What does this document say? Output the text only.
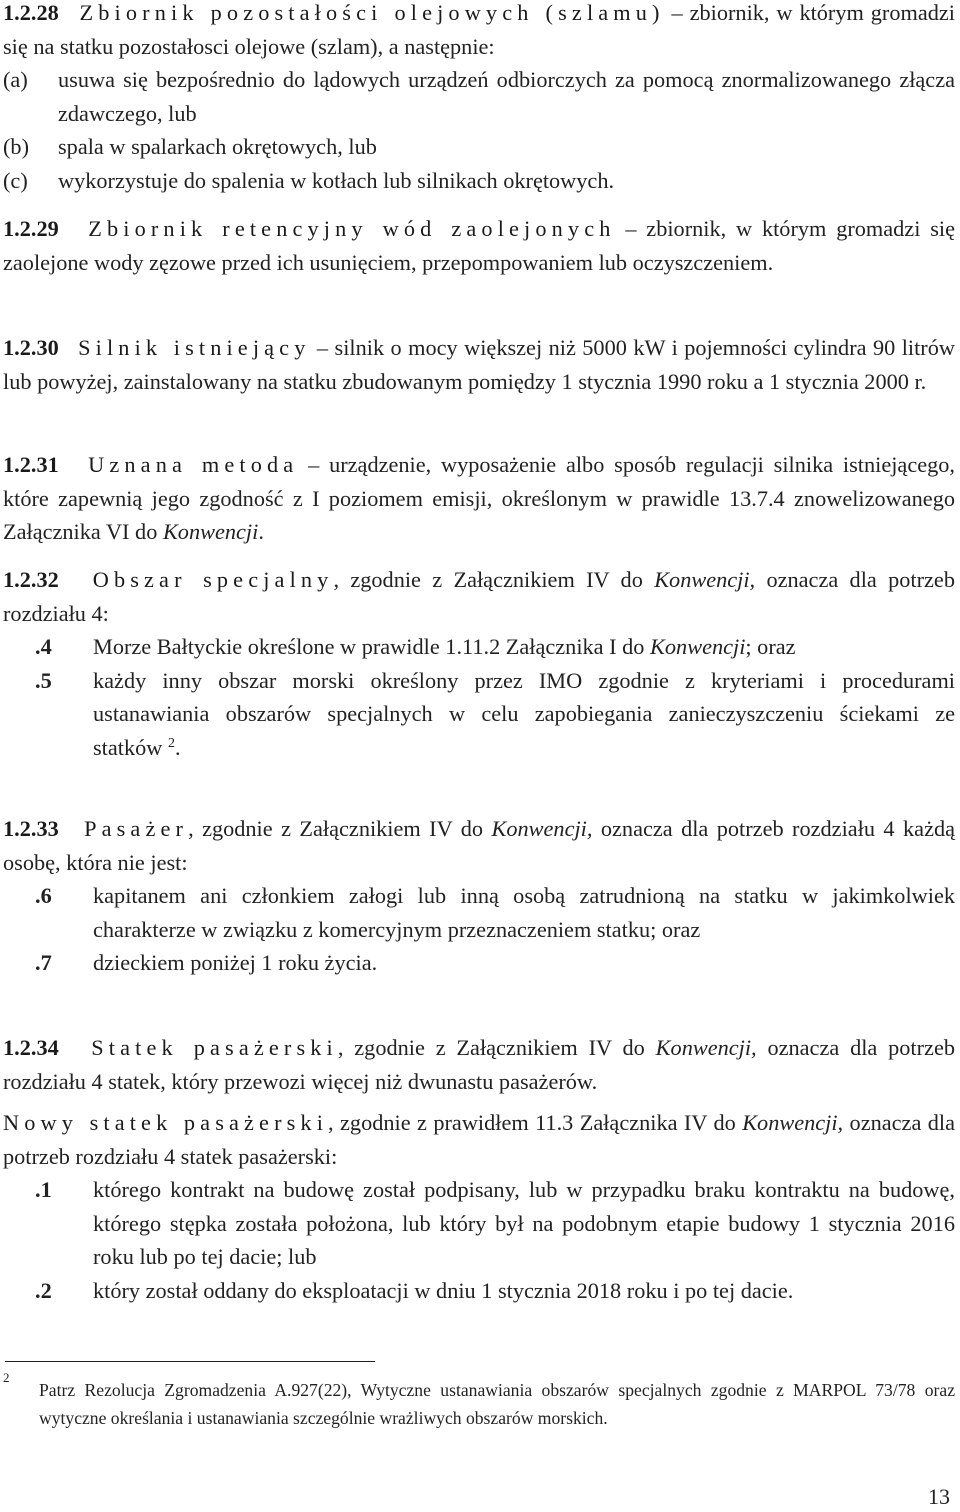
1.2.28 Zbiornik pozostałości olejowych (szlamu) – zbiornik, w którym gromadzi się na statku pozostałosci olejowe (szlam), a następnie:
(a)	usuwa się bezpośrednio do lądowych urządzeń odbiorczych za pomocą znormalizowanego złącza zdawczego, lub
(b)	spala w spalarkach okrętowych, lub
(c)	wykorzystuje do spalenia w kotłach lub silnikach okrętowych.
1.2.29 Zbiornik retencyjny wód zaolejonych – zbiornik, w którym gromadzi się zaolejone wody zęzowe przed ich usunięciem, przepompowaniem lub oczyszczeniem.
1.2.30 Silnik istniejący – silnik o mocy większej niż 5000 kW i pojemności cylindra 90 litrów lub powyżej, zainstalowany na statku zbudowanym pomiędzy 1 stycznia 1990 roku a 1 stycznia 2000 r.
1.2.31 Uznana metoda – urządzenie, wyposażenie albo sposób regulacji silnika istniejącego, które zapewnią jego zgodność z I poziomem emisji, określonym w prawidle 13.7.4 znowelizowanego Załącznika VI do Konwencji.
1.2.32 Obszar specjalny, zgodnie z Załącznikiem IV do Konwencji, oznacza dla potrzeb rozdziału 4:
.4	Morze Bałtyckie określone w prawidle 1.11.2 Załącznika I do Konwencji; oraz
.5	każdy inny obszar morski określony przez IMO zgodnie z kryteriami i procedurami ustanawiania obszarów specjalnych w celu zapobiegania zanieczyszczeniu ściekami ze statków $^2$.
1.2.33 Pasażer, zgodnie z Załącznikiem IV do Konwencji, oznacza dla potrzeb rozdziału 4 każdą osobę, która nie jest:
.6	kapitanem ani członkiem załogi lub inną osobą zatrudnioną na statku w jakimkolwiek charakterze w związku z komercyjnym przeznaczeniem statku; oraz
.7	dzieckiem poniżej 1 roku życia.
1.2.34 Statek pasażerski, zgodnie z Załącznikiem IV do Konwencji, oznacza dla potrzeb rozdziału 4 statek, który przewozi więcej niż dwunastu pasażerów.
Nowy statek pasażerski, zgodnie z prawidłem 11.3 Załącznika IV do Konwencji, oznacza dla potrzeb rozdziału 4 statek pasażerski:
.1	którego kontrakt na budowę został podpisany, lub w przypadku braku kontraktu na budowę, którego stępka została położona, lub który był na podobnym etapie budowy 1 stycznia 2016 roku lub po tej dacie; lub
.2	który został oddany do eksploatacji w dniu 1 stycznia 2018 roku i po tej dacie.
2
Patrz Rezolucja Zgromadzenia A.927(22), Wytyczne ustanawiania obszarów specjalnych zgodnie z MARPOL 73/78 oraz wytyczne określania i ustanawiania szczególnie wrażliwych obszarów morskich.
13
